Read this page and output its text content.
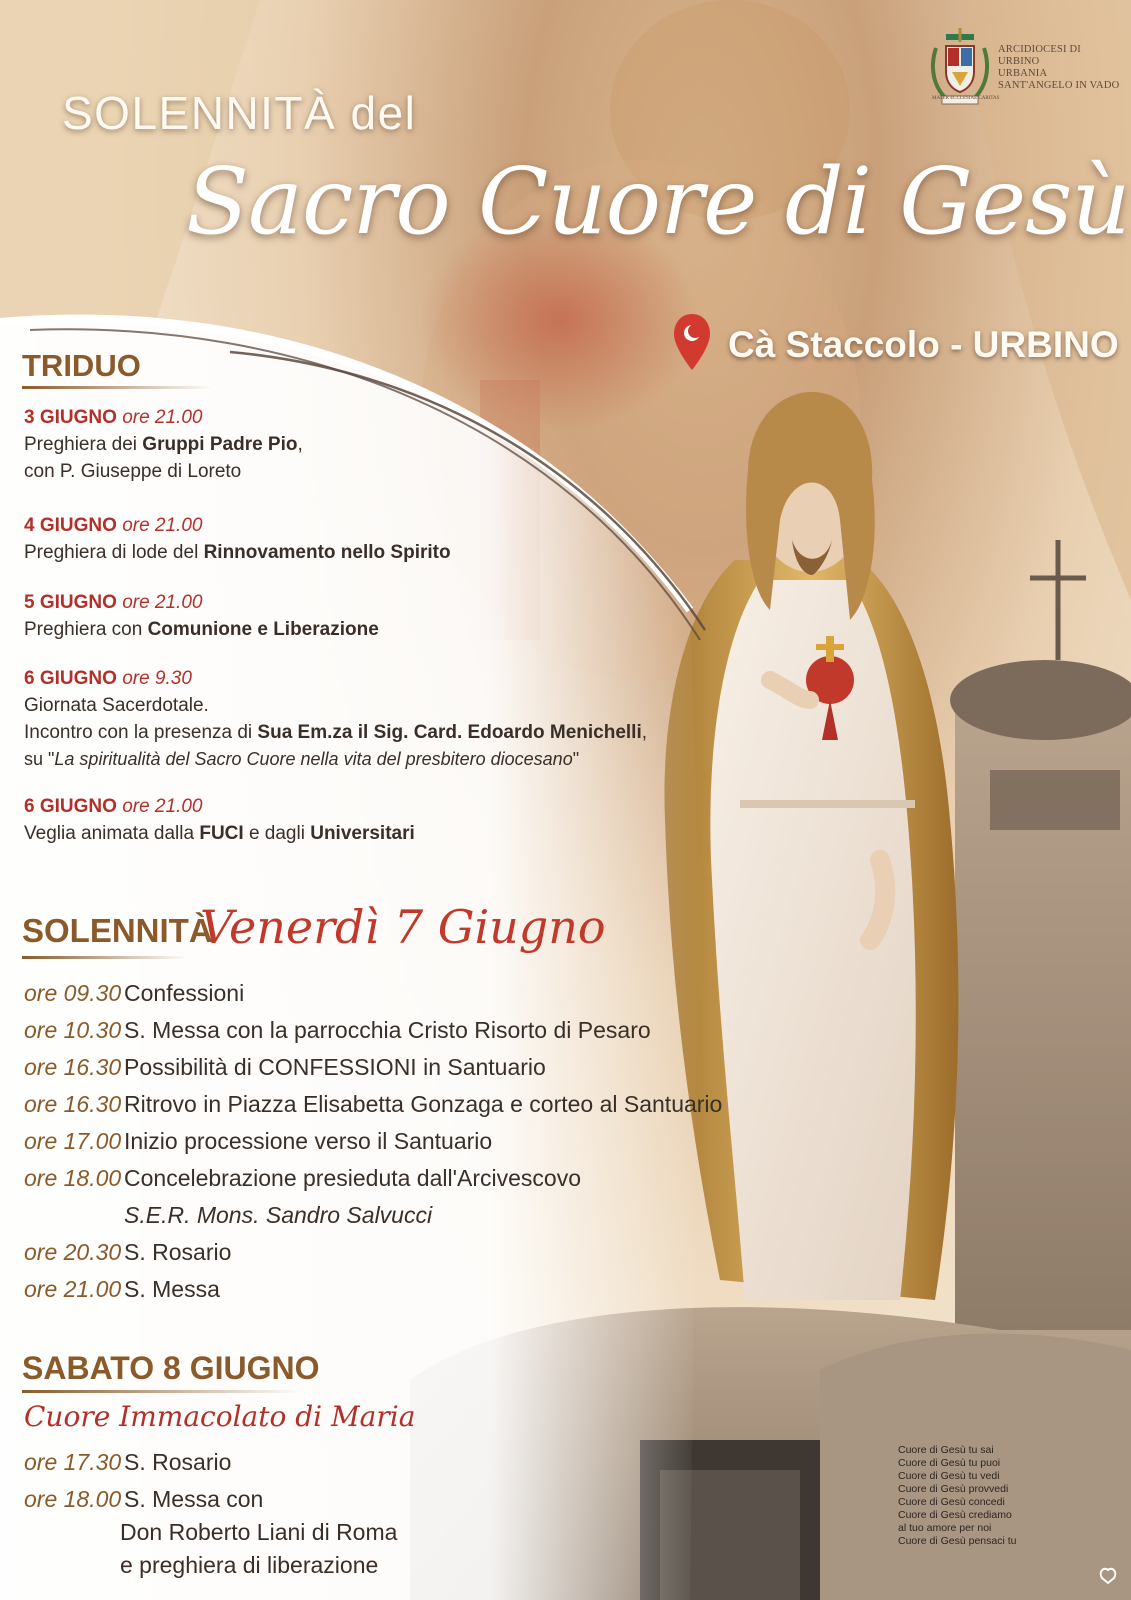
ARCIDIOCESI DI
URBINO
URBANIA
SANT'ANGELO IN VADO
MATER ECCLESIAE CARITAS
SOLENNITÀ del
Sacro Cuore di Gesù
Cà Staccolo - URBINO
TRIDUO
3 GIUGNO ore 21.00
Preghiera dei Gruppi Padre Pio,
con P. Giuseppe di Loreto
4 GIUGNO ore 21.00
Preghiera di lode del Rinnovamento nello Spirito
5 GIUGNO ore 21.00
Preghiera con Comunione e Liberazione
6 GIUGNO ore 9.30
Giornata Sacerdotale.
Incontro con la presenza di Sua Em.za il Sig. Card. Edoardo Menichelli,
su "La spiritualità del Sacro Cuore nella vita del presbitero diocesano"
6 GIUGNO ore 21.00
Veglia animata dalla FUCI e dagli Universitari
SOLENNITÀ
Venerdì 7 Giugno
ore 09.30 Confessioni
ore 10.30 S. Messa con la parrocchia Cristo Risorto di Pesaro
ore 16.30 Possibilità di CONFESSIONI in Santuario
ore 16.30 Ritrovo in Piazza Elisabetta Gonzaga e corteo al Santuario
ore 17.00 Inizio processione verso il Santuario
ore 18.00 Concelebrazione presieduta dall'Arcivescovo
S.E.R. Mons. Sandro Salvucci
ore 20.30 S. Rosario
ore 21.00 S. Messa
SABATO 8 GIUGNO
Cuore Immacolato di Maria
ore 17.30 S. Rosario
ore 18.00 S. Messa con
Don Roberto Liani di Roma
e preghiera di liberazione
Cuore di Gesù tu sai
Cuore di Gesù tu puoi
Cuore di Gesù tu vedi
Cuore di Gesù provvedi
Cuore di Gesù concedi
Cuore di Gesù crediamo
al tuo amore per noi
Cuore di Gesù pensaci tu
